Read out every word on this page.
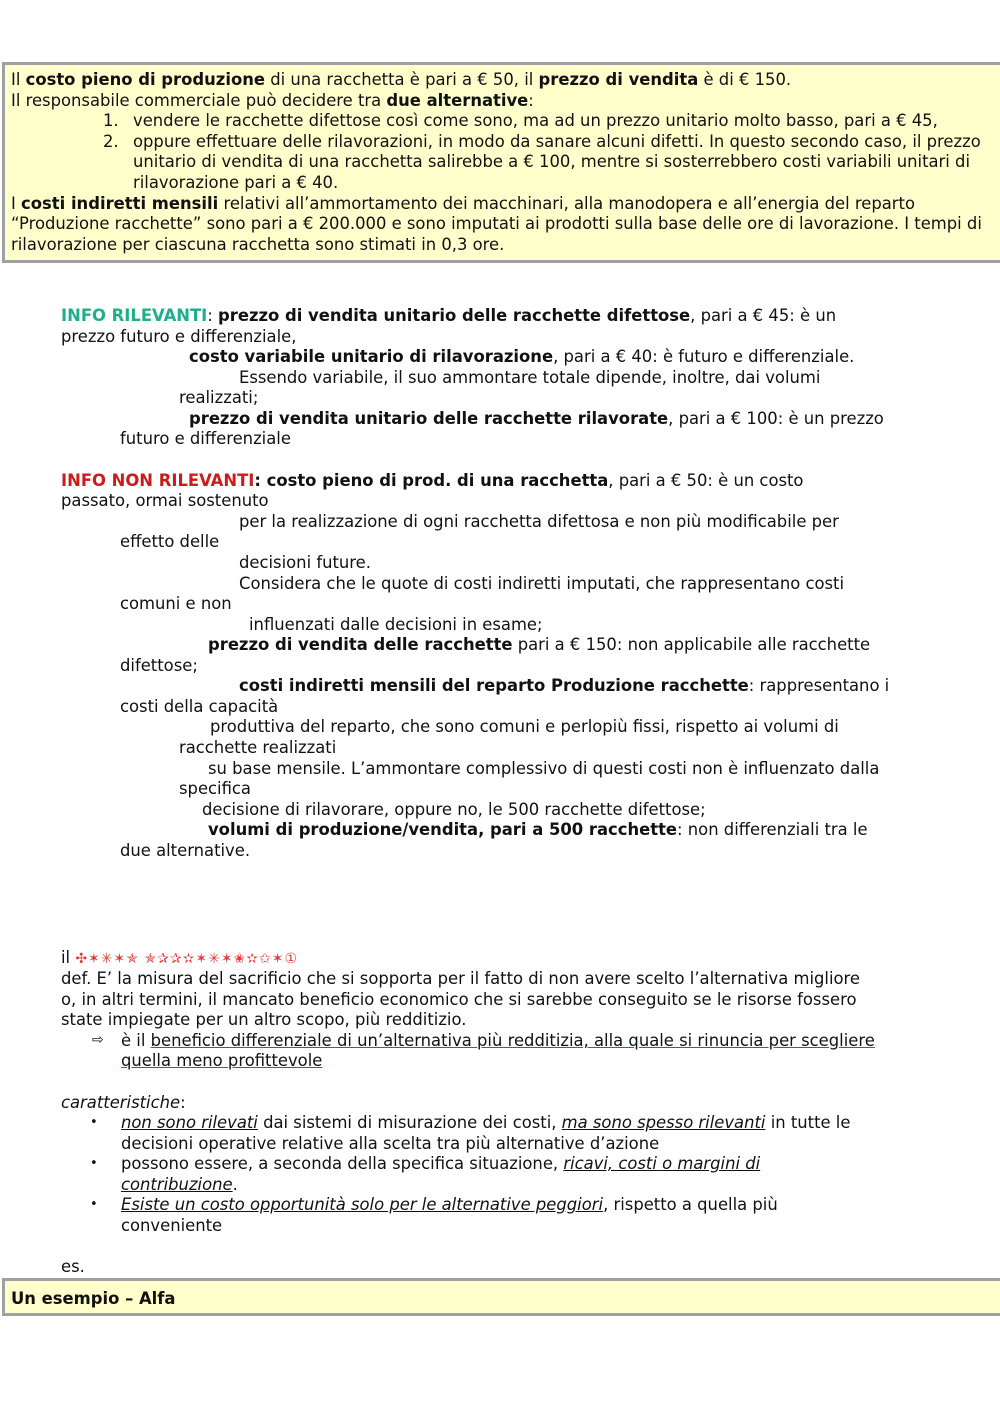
Il costo pieno di produzione di una racchetta è pari a € 50, il prezzo di vendita è di € 150.
Il responsabile commerciale può decidere tra due alternative:
1. vendere le racchette difettose così come sono, ma ad un prezzo unitario molto basso, pari a € 45,
2. oppure effettuare delle rilavorazioni, in modo da sanare alcuni difetti. In questo secondo caso, il prezzo unitario di vendita di una racchetta salirebbe a € 100, mentre si sosterrebbero costi variabili unitari di rilavorazione pari a € 40.
I costi indiretti mensili relativi all’ammortamento dei macchinari, alla manodopera e all’energia del reparto “Produzione racchette” sono pari a € 200.000 e sono imputati ai prodotti sulla base delle ore di lavorazione. I tempi di rilavorazione per ciascuna racchetta sono stimati in 0,3 ore.
INFO RILEVANTI: prezzo di vendita unitario delle racchette difettose, pari a € 45: è un
prezzo futuro e differenziale,
costo variabile unitario di rilavorazione, pari a € 40: è futuro e differenziale.
Essendo variabile, il suo ammontare totale dipende, inoltre, dai volumi
realizzati;
prezzo di vendita unitario delle racchette rilavorate, pari a € 100: è un prezzo
futuro e differenziale
INFO NON RILEVANTI: costo pieno di prod. di una racchetta, pari a € 50: è un costo
passato, ormai sostenuto
per la realizzazione di ogni racchetta difettosa e non più modificabile per
effetto delle
decisioni future.
Considera che le quote di costi indiretti imputati, che rappresentano costi
comuni e non
influenzati dalle decisioni in esame;
prezzo di vendita delle racchette pari a € 150: non applicabile alle racchette
difettose;
costi indiretti mensili del reparto Produzione racchette: rappresentano i
costi della capacità
produttiva del reparto, che sono comuni e perlopiù fissi, rispetto ai volumi di
racchette realizzati
su base mensile. L’ammontare complessivo di questi costi non è influenzato dalla
specifica
decisione di rilavorare, oppure no, le 500 racchette difettose;
volumi di produzione/vendita, pari a 500 racchette: non differenziali tra le
due alternative.
il ✣✶✳✶✯ ✯✰✰✫✶✳✶✬✫✩✶①
def. E’ la misura del sacrificio che si sopporta per il fatto di non avere scelto l’alternativa migliore
o, in altri termini, il mancato beneficio economico che si sarebbe conseguito se le risorse fossero
state impiegate per un altro scopo, più redditizio.
⇨ è il beneficio differenziale di un’alternativa più redditizia, alla quale si rinuncia per scegliere
quella meno profittevole
caratteristiche:
• non sono rilevati dai sistemi di misurazione dei costi, ma sono spesso rilevanti in tutte le
decisioni operative relative alla scelta tra più alternative d’azione
• possono essere, a seconda della specifica situazione, ricavi, costi o margini di
contribuzione.
• Esiste un costo opportunità solo per le alternative peggiori, rispetto a quella più
conveniente
es.
Un esempio – Alfa
